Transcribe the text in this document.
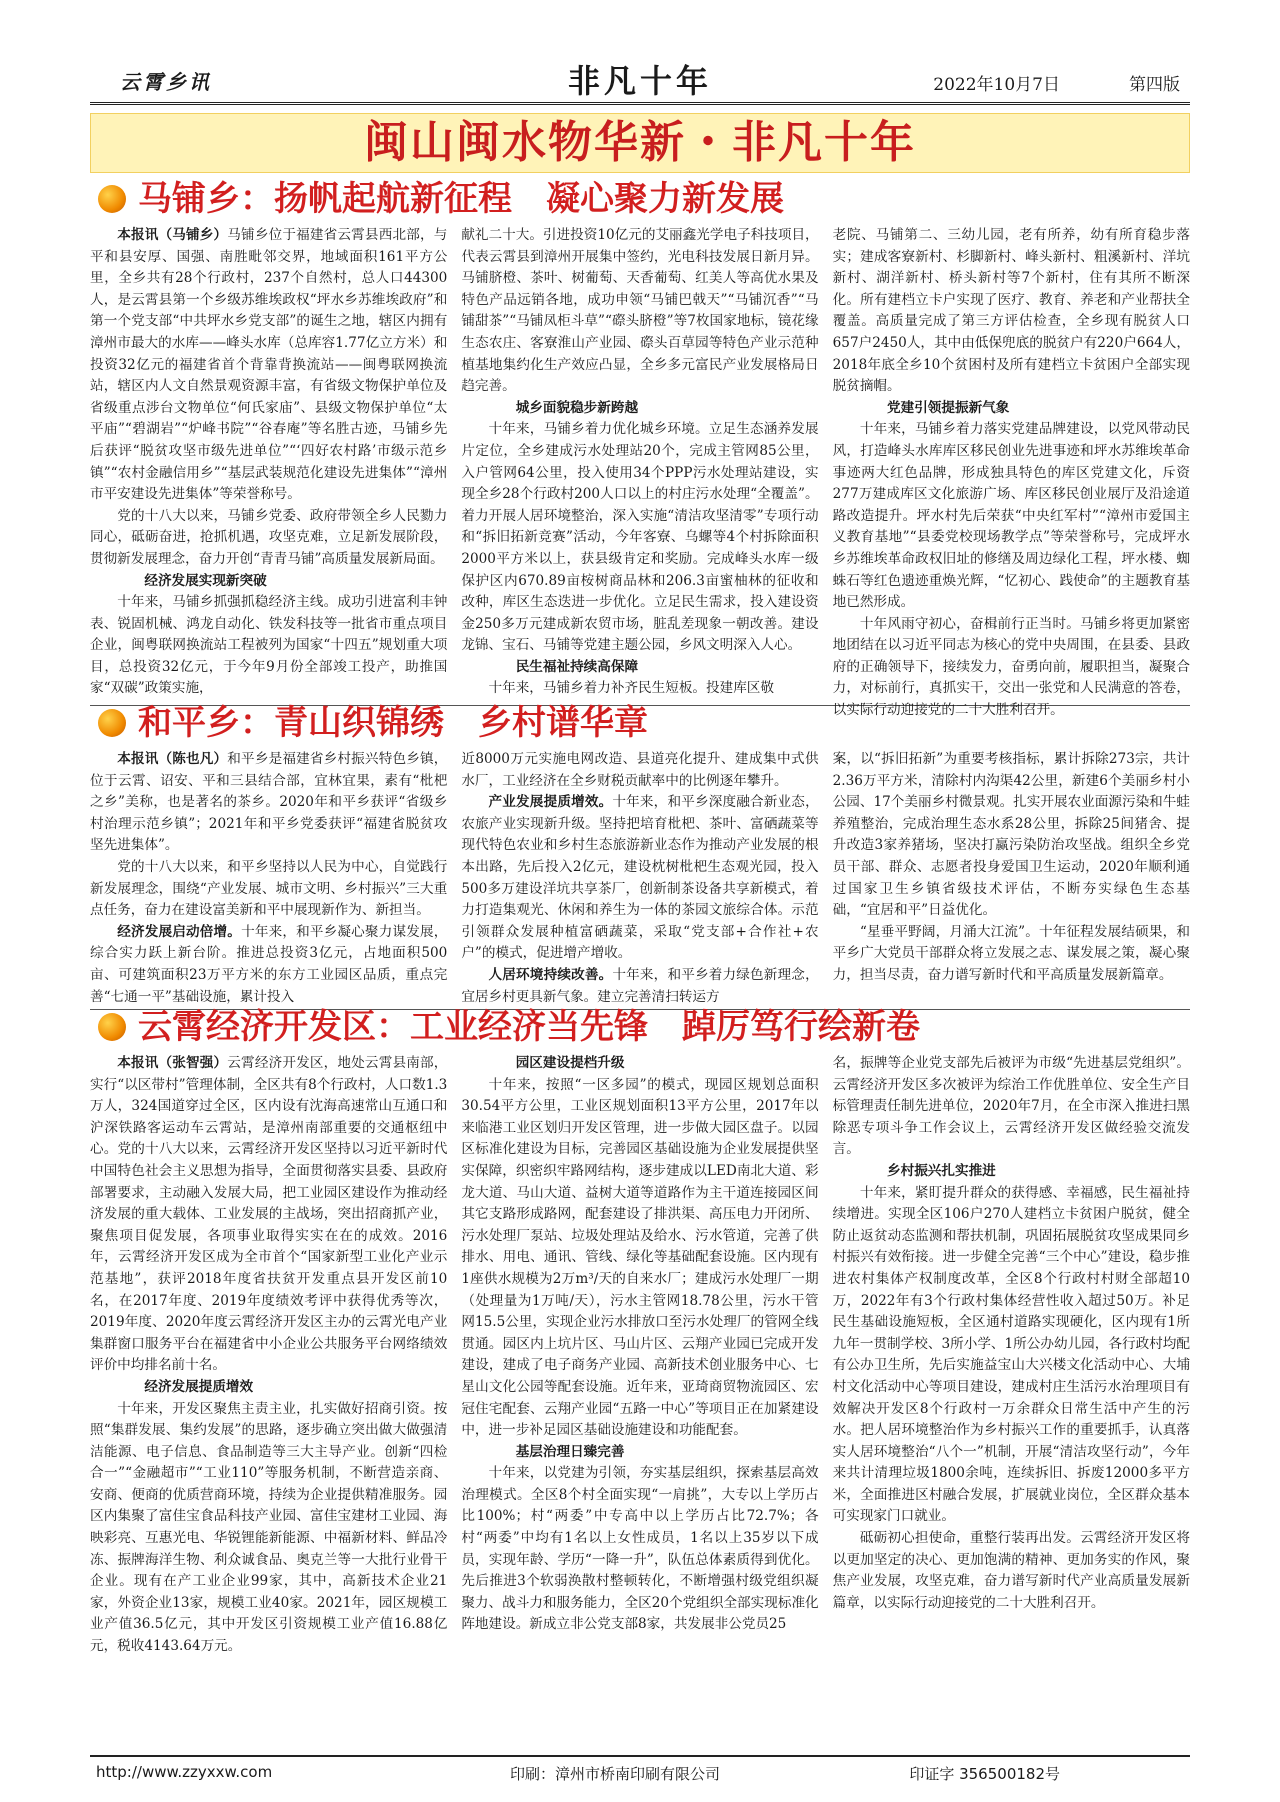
云霄乡讯	非凡十年	2022年10月7日	第四版
闽山闽水物华新・非凡十年
马铺乡：扬帆起航新征程　凝心聚力新发展

本报讯（马铺乡）马铺乡位于福建省云霄县西北部，与平和县安厚、国强、南胜毗邻交界，地域面积161平方公里，全乡共有28个行政村，237个自然村，总人口44300人，是云霄县第一个乡级苏维埃政权“坪水乡苏维埃政府”和第一个党支部“中共坪水乡党支部”的诞生之地，辖区内拥有漳州市最大的水库——峰头水库（总库容1.77亿立方米）和投资32亿元的福建省首个背靠背换流站——闽粤联网换流站，辖区内人文自然景观资源丰富，有省级文物保护单位及省级重点涉台文物单位“何氏家庙”、县级文物保护单位“太平庙”“碧湖岩”“炉峰书院”“谷春庵”等名胜古迹，马铺乡先后获评“脱贫攻坚市级先进单位”“‘四好农村路’市级示范乡镇”“农村金融信用乡”“基层武装规范化建设先进集体”“漳州市平安建设先进集体”等荣誉称号。

党的十八大以来，马铺乡党委、政府带领全乡人民勠力同心，砥砺奋进，抢抓机遇，攻坚克难，立足新发展阶段，贯彻新发展理念，奋力开创“青青马铺”高质量发展新局面。

经济发展实现新突破

十年来，马铺乡抓强抓稳经济主线。成功引进富利丰钟表、锐固机械、鸿龙自动化、铁发科技等一批省市重点项目企业，闽粤联网换流站工程被列为国家“十四五”规划重大项目，总投资32亿元，于今年9月份全部竣工投产，助推国家“双碳”政策实施，

献礼二十大。引进投资10亿元的艾丽鑫光学电子科技项目，代表云霄县到漳州开展集中签约，光电科技发展日新月异。马铺脐橙、茶叶、树葡萄、天香葡萄、红美人等高优水果及特色产品远销各地，成功申领“马铺巴戟天”“马铺沉香”“马铺甜茶”“马铺凤柜斗草”“磜头脐橙”等7枚国家地标，镜花缘生态农庄、客寮淮山产业园、磜头百草园等特色产业示范种植基地集约化生产效应凸显，全乡多元富民产业发展格局日趋完善。

城乡面貌稳步新跨越

十年来，马铺乡着力优化城乡环境。立足生态涵养发展片定位，全乡建成污水处理站20个，完成主管网85公里，入户管网64公里，投入使用34个PPP污水处理站建设，实现全乡28个行政村200人口以上的村庄污水处理“全覆盖”。着力开展人居环境整治，深入实施“清洁攻坚清零”专项行动和“拆旧拓新竞赛”活动，今年客寮、乌螺等4个村拆除面积2000平方米以上，获县级肯定和奖励。完成峰头水库一级保护区内670.89亩桉树商品林和206.3亩蜜柚林的征收和改种，库区生态迭进一步优化。立足民生需求，投入建设资金250多万元建成新农贸市场，脏乱差现象一朝改善。建设龙锦、宝石、马铺等党建主题公园，乡风文明深入人心。

民生福祉持续高保障

十年来，马铺乡着力补齐民生短板。投建库区敬

老院、马铺第二、三幼儿园，老有所养，幼有所育稳步落实；建成客寮新村、杉脚新村、峰头新村、粗溪新村、洋坑新村、湖洋新村、桥头新村等7个新村，住有其所不断深化。所有建档立卡户实现了医疗、教育、养老和产业帮扶全覆盖。高质量完成了第三方评估检查，全乡现有脱贫人口657户2450人，其中由低保兜底的脱贫户有220户664人，2018年底全乡10个贫困村及所有建档立卡贫困户全部实现脱贫摘帽。

党建引领提振新气象

十年来，马铺乡着力落实党建品牌建设，以党风带动民风，打造峰头水库库区移民创业先进事迹和坪水苏维埃革命事迹两大红色品牌，形成独具特色的库区党建文化，斥资277万建成库区文化旅游广场、库区移民创业展厅及沿途道路改造提升。坪水村先后荣获“中央红军村”“漳州市爱国主义教育基地”“县委党校现场教学点”等荣誉称号，完成坪水乡苏维埃革命政权旧址的修缮及周边绿化工程，坪水楼、蜘蛛石等红色遗迹重焕光辉，“忆初心、践使命”的主题教育基地已然形成。

十年风雨守初心，奋楫前行正当时。马铺乡将更加紧密地团结在以习近平同志为核心的党中央周围，在县委、县政府的正确领导下，接续发力，奋勇向前，履职担当，凝聚合力，对标前行，真抓实干，交出一张党和人民满意的答卷，以实际行动迎接党的二十大胜利召开。

和平乡：青山织锦绣　乡村谱华章

本报讯（陈也凡）和平乡是福建省乡村振兴特色乡镇，位于云霄、诏安、平和三县结合部，宜林宜果，素有“枇杷之乡”美称，也是著名的茶乡。2020年和平乡获评“省级乡村治理示范乡镇”；2021年和平乡党委获评“福建省脱贫攻坚先进集体”。

党的十八大以来，和平乡坚持以人民为中心，自觉践行新发展理念，围绕“产业发展、城市文明、乡村振兴”三大重点任务，奋力在建设富美新和平中展现新作为、新担当。

经济发展启动倍增。十年来，和平乡凝心聚力谋发展，综合实力跃上新台阶。推进总投资3亿元，占地面积500亩、可建筑面积23万平方米的东方工业园区品质，重点完善“七通一平”基础设施，累计投入

近8000万元实施电网改造、县道亮化提升、建成集中式供水厂，工业经济在全乡财税贡献率中的比例逐年攀升。

产业发展提质增效。十年来，和平乡深度融合新业态，农旅产业实现新升级。坚持把培育枇杷、茶叶、富硒蔬菜等现代特色农业和乡村生态旅游新业态作为推动产业发展的根本出路，先后投入2亿元，建设枕树枇杷生态观光园，投入500多万建设洋坑共享茶厂，创新制茶设备共享新模式，着力打造集观光、休闲和养生为一体的茶园文旅综合体。示范引领群众发展种植富硒蔬菜，采取“党支部+合作社+农户”的模式，促进增产增收。

人居环境持续改善。十年来，和平乡着力绿色新理念，宜居乡村更具新气象。建立完善清扫转运方

案，以“拆旧拓新”为重要考核指标，累计拆除273宗，共计2.36万平方米，清除村内沟渠42公里，新建6个美丽乡村小公园、17个美丽乡村微景观。扎实开展农业面源污染和牛蛙养殖整治，完成治理生态水系28公里，拆除25间猪舍、提升改造3家养猪场，坚决打赢污染防治攻坚战。组织全乡党员干部、群众、志愿者投身爱国卫生运动，2020年顺利通过国家卫生乡镇省级技术评估，不断夯实绿色生态基础，“宜居和平”日益优化。

“星垂平野阔，月涌大江流”。十年征程发展结硕果，和平乡广大党员干部群众将立发展之志、谋发展之策，凝心聚力，担当尽责，奋力谱写新时代和平高质量发展新篇章。

云霄经济开发区：工业经济当先锋　踔厉笃行绘新卷

本报讯（张智强）云霄经济开发区，地处云霄县南部，实行“以区带村”管理体制，全区共有8个行政村，人口数1.3万人，324国道穿过全区，区内设有沈海高速常山互通口和沪深铁路客运动车云霄站，是漳州南部重要的交通枢纽中心。党的十八大以来，云霄经济开发区坚持以习近平新时代中国特色社会主义思想为指导，全面贯彻落实县委、县政府部署要求，主动融入发展大局，把工业园区建设作为推动经济发展的重大载体、工业发展的主战场，突出招商抓产业，聚焦项目促发展，各项事业取得实实在在的成效。2016年，云霄经济开发区成为全市首个“国家新型工业化产业示范基地”，获评2018年度省扶贫开发重点县开发区前10名，在2017年度、2019年度绩效考评中获得优秀等次，2019年度、2020年度云霄经济开发区主办的云霄光电产业集群窗口服务平台在福建省中小企业公共服务平台网络绩效评价中均排名前十名。

经济发展提质增效

十年来，开发区聚焦主责主业，扎实做好招商引资。按照“集群发展、集约发展”的思路，逐步确立突出做大做强清洁能源、电子信息、食品制造等三大主导产业。创新“四检合一”“金融超市”“工业110”等服务机制，不断营造亲商、安商、便商的优质营商环境，持续为企业提供精准服务。园区内集聚了富佳宝食品科技产业园、富佳宝建材工业园、海映彩亮、互惠光电、华锐锂能新能源、中福新材料、鲜品冷冻、振牌海洋生物、利众诚食品、奥克兰等一大批行业骨干企业。现有在产工业企业99家，其中，高新技术企业21家，外资企业13家，规模工业40家。2021年，园区规模工业产值36.5亿元，其中开发区引资规模工业产值16.88亿元，税收4143.64万元。

园区建设提档升级

十年来，按照“一区多园”的模式，现园区规划总面积30.54平方公里，工业区规划面积13平方公里，2017年以来临港工业区划归开发区管理，进一步做大园区盘子。以园区标准化建设为目标，完善园区基础设施为企业发展提供坚实保障，织密织牢路网结构，逐步建成以LED南北大道、彩龙大道、马山大道、益树大道等道路作为主干道连接园区间其它支路形成路网，配套建设了排洪渠、高压电力开闭所、污水处理厂泵站、垃圾处理站及给水、污水管道，完善了供排水、用电、通讯、管线、绿化等基础配套设施。区内现有1座供水规模为2万m³/天的自来水厂；建成污水处理厂一期（处理量为1万吨/天），污水主管网18.78公里，污水干管网15.5公里，实现企业污水排放口至污水处理厂的管网全线贯通。园区内上坑片区、马山片区、云翔产业园已完成开发建设，建成了电子商务产业园、高新技术创业服务中心、七星山文化公园等配套设施。近年来，亚琦商贸物流园区、宏冠住宅配套、云翔产业园“五路一中心”等项目正在加紧建设中，进一步补足园区基础设施建设和功能配套。

基层治理日臻完善

十年来，以党建为引领，夯实基层组织，探索基层高效治理模式。全区8个村全面实现“一肩挑”，大专以上学历占比100%；村“两委”中专高中以上学历占比72.7%；各村“两委”中均有1名以上女性成员，1名以上35岁以下成员，实现年龄、学历“一降一升”，队伍总体素质得到优化。先后推进3个软弱涣散村整顿转化，不断增强村级党组织凝聚力、战斗力和服务能力，全区20个党组织全部实现标准化阵地建设。新成立非公党支部8家，共发展非公党员25

名，振牌等企业党支部先后被评为市级“先进基层党组织”。云霄经济开发区多次被评为综治工作优胜单位、安全生产目标管理责任制先进单位，2020年7月，在全市深入推进扫黑除恶专项斗争工作会议上，云霄经济开发区做经验交流发言。

乡村振兴扎实推进

十年来，紧盯提升群众的获得感、幸福感，民生福祉持续增进。实现全区106户270人建档立卡贫困户脱贫，健全防止返贫动态监测和帮扶机制，巩固拓展脱贫攻坚成果同乡村振兴有效衔接。进一步健全完善“三个中心”建设，稳步推进农村集体产权制度改革，全区8个行政村村财全部超10万，2022年有3个行政村集体经营性收入超过50万。补足民生基础设施短板，全区通村道路实现硬化，区内现有1所九年一贯制学校、3所小学、1所公办幼儿园，各行政村均配有公办卫生所，先后实施益宝山大兴楼文化活动中心、大埔村文化活动中心等项目建设，建成村庄生活污水治理项目有效解决开发区8个行政村一万余群众日常生活中产生的污水。把人居环境整治作为乡村振兴工作的重要抓手，认真落实人居环境整治“八个一”机制，开展“清洁攻坚行动”，今年来共计清理垃圾1800余吨，连续拆旧、拆废12000多平方米，全面推进区村融合发展，扩展就业岗位，全区群众基本可实现家门口就业。

砥砺初心担使命，重整行装再出发。云霄经济开发区将以更加坚定的决心、更加饱满的精神、更加务实的作风，聚焦产业发展，攻坚克难，奋力谱写新时代产业高质量发展新篇章，以实际行动迎接党的二十大胜利召开。

http://www.zzyxxw.com	印刷：漳州市桥南印刷有限公司	印证字 356500182号
